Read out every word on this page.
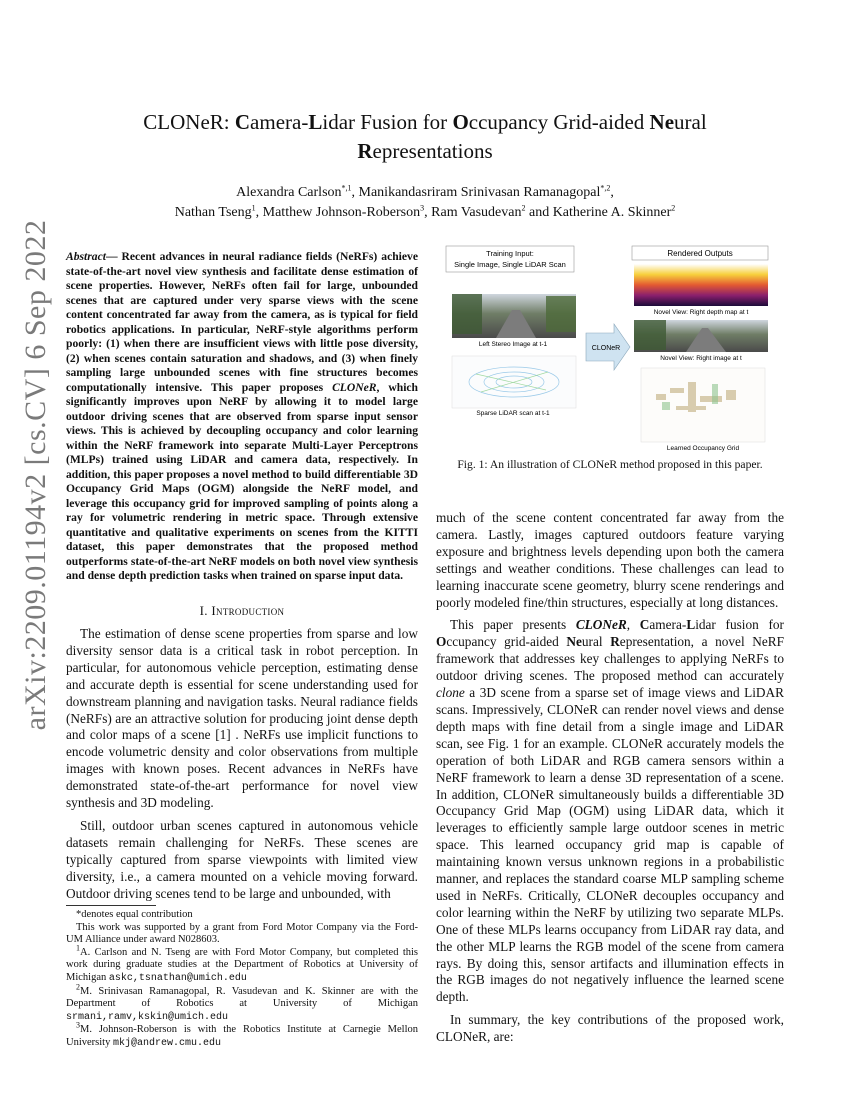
arXiv:2209.01194v2 [cs.CV] 6 Sep 2022
CLONeR: Camera-Lidar Fusion for Occupancy Grid-aided Neural
Representations
Alexandra Carlson$^{*,1}$, Manikandasriram Srinivasan Ramanagopal$^{*,2}$,
Nathan Tseng$^1$, Matthew Johnson-Roberson$^3$, Ram Vasudevan$^2$ and Katherine A. Skinner$^2$

Abstract— Recent advances in neural radiance fields (NeRFs) achieve state-of-the-art novel view synthesis and facilitate dense estimation of scene properties. However, NeRFs often fail for large, unbounded scenes that are captured under very sparse views with the scene content concentrated far away from the camera, as is typical for field robotics applications. In particular, NeRF-style algorithms perform poorly: (1) when there are insufficient views with little pose diversity, (2) when scenes contain saturation and shadows, and (3) when finely sampling large unbounded scenes with fine structures becomes computationally intensive. This paper proposes CLONeR, which significantly improves upon NeRF by allowing it to model large outdoor driving scenes that are observed from sparse input sensor views. This is achieved by decoupling occupancy and color learning within the NeRF framework into separate Multi-Layer Perceptrons (MLPs) trained using LiDAR and camera data, respectively. In addition, this paper proposes a novel method to build differentiable 3D Occupancy Grid Maps (OGM) alongside the NeRF model, and leverage this occupancy grid for improved sampling of points along a ray for volumetric rendering in metric space. Through extensive quantitative and qualitative experiments on scenes from the KITTI dataset, this paper demonstrates that the proposed method outperforms state-of-the-art NeRF models on both novel view synthesis and dense depth prediction tasks when trained on sparse input data.

I. Introduction

The estimation of dense scene properties from sparse and low diversity sensor data is a critical task in robot perception. In particular, for autonomous vehicle perception, estimating dense and accurate depth is essential for scene understanding used for downstream planning and navigation tasks. Neural radiance fields (NeRFs) are an attractive solution for producing joint dense depth and color maps of a scene [1] . NeRFs use implicit functions to encode volumetric density and color observations from multiple images with known poses. Recent advances in NeRFs have demonstrated state-of-the-art performance for novel view synthesis and 3D modeling.

Still, outdoor urban scenes captured in autonomous vehicle datasets remain challenging for NeRFs. These scenes are typically captured from sparse viewpoints with limited view diversity, i.e., a camera mounted on a vehicle moving forward. Outdoor driving scenes tend to be large and unbounded, with

*denotes equal contribution

This work was supported by a grant from Ford Motor Company via the Ford-UM Alliance under award N028603.

$^1$A. Carlson and N. Tseng are with Ford Motor Company, but completed this work during graduate studies at the Department of Robotics at University of Michigan askc,tsnathan@umich.edu

$^2$M. Srinivasan Ramanagopal, R. Vasudevan and K. Skinner are with the Department of Robotics at University of Michigan srmani,ramv,kskin@umich.edu

$^3$M. Johnson-Roberson is with the Robotics Institute at Carnegie Mellon University mkj@andrew.cmu.edu

Training Input:
Single Image, Single LiDAR Scan
Rendered Outputs
Left Stereo Image at t-1
Sparse LiDAR scan at t-1
CLONeR
Novel View: Right depth map at t
Novel View: Right image at t
Learned Occupancy Grid
Fig. 1: An illustration of CLONeR method proposed in this paper.

much of the scene content concentrated far away from the camera. Lastly, images captured outdoors feature varying exposure and brightness levels depending upon both the camera settings and weather conditions. These challenges can lead to learning inaccurate scene geometry, blurry scene renderings and poorly modeled fine/thin structures, especially at long distances.

This paper presents CLONeR, Camera-Lidar fusion for Occupancy grid-aided Neural Representation, a novel NeRF framework that addresses key challenges to applying NeRFs to outdoor driving scenes. The proposed method can accurately clone a 3D scene from a sparse set of image views and LiDAR scans. Impressively, CLONeR can render novel views and dense depth maps with fine detail from a single image and LiDAR scan, see Fig. 1 for an example. CLONeR accurately models the operation of both LiDAR and RGB camera sensors within a NeRF framework to learn a dense 3D representation of a scene. In addition, CLONeR simultaneously builds a differentiable 3D Occupancy Grid Map (OGM) using LiDAR data, which it leverages to efficiently sample large outdoor scenes in metric space. This learned occupancy grid map is capable of maintaining known versus unknown regions in a probabilistic manner, and replaces the standard coarse MLP sampling scheme used in NeRFs. Critically, CLONeR decouples occupancy and color learning within the NeRF by utilizing two separate MLPs. One of these MLPs learns occupancy from LiDAR ray data, and the other MLP learns the RGB model of the scene from camera rays. By doing this, sensor artifacts and illumination effects in the RGB images do not negatively influence the learned scene depth.

In summary, the key contributions of the proposed work, CLONeR, are:
